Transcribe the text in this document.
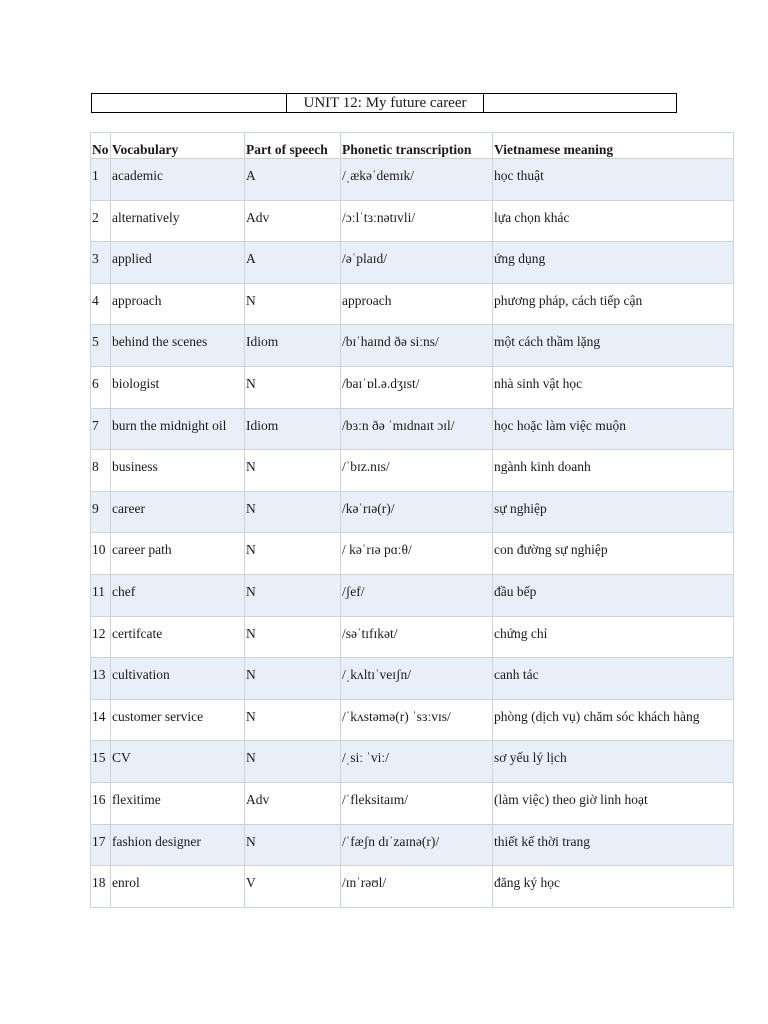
UNIT 12: My future career
No	Vocabulary	Part of speech	Phonetic transcription	Vietnamese meaning
1	academic	A	/ˌækəˈdemɪk/	học thuật
2	alternatively	Adv	/ɔːlˈtɜːnətɪvli/	lựa chọn khác
3	applied	A	/əˈplaɪd/	ứng dụng
4	approach	N	approach	phương pháp, cách tiếp cận
5	behind the scenes	Idiom	/bɪˈhaɪnd ðə siːns/	một cách thầm lặng
6	biologist	N	/baɪˈɒl.ə.dʒɪst/	nhà sinh vật học
7	burn the midnight oil	Idiom	/bɜːn ðə ˈmɪdnaɪt ɔɪl/	học hoặc làm việc muộn
8	business	N	/ˈbɪz.nɪs/	ngành kinh doanh
9	career	N	/kəˈrɪə(r)/	sự nghiệp
10	career path	N	/ kəˈrɪə pɑːθ/	con đường sự nghiệp
11	chef	N	/ʃef/	đầu bếp
12	certifcate	N	/səˈtɪfɪkət/	chứng chỉ
13	cultivation	N	/ˌkʌltɪˈveɪʃn/	canh tác
14	customer service	N	/ˈkʌstəmə(r) ˈsɜːvɪs/	phòng (dịch vụ) chăm sóc khách hàng
15	CV	N	/ˌsiː ˈviː/	sơ yếu lý lịch
16	flexitime	Adv	/ˈfleksitaɪm/	(làm việc) theo giờ linh hoạt
17	fashion designer	N	/ˈfæʃn dɪˈzaɪnə(r)/	thiết kế thời trang
18	enrol	V	/ɪnˈrəʊl/	đăng ký học
